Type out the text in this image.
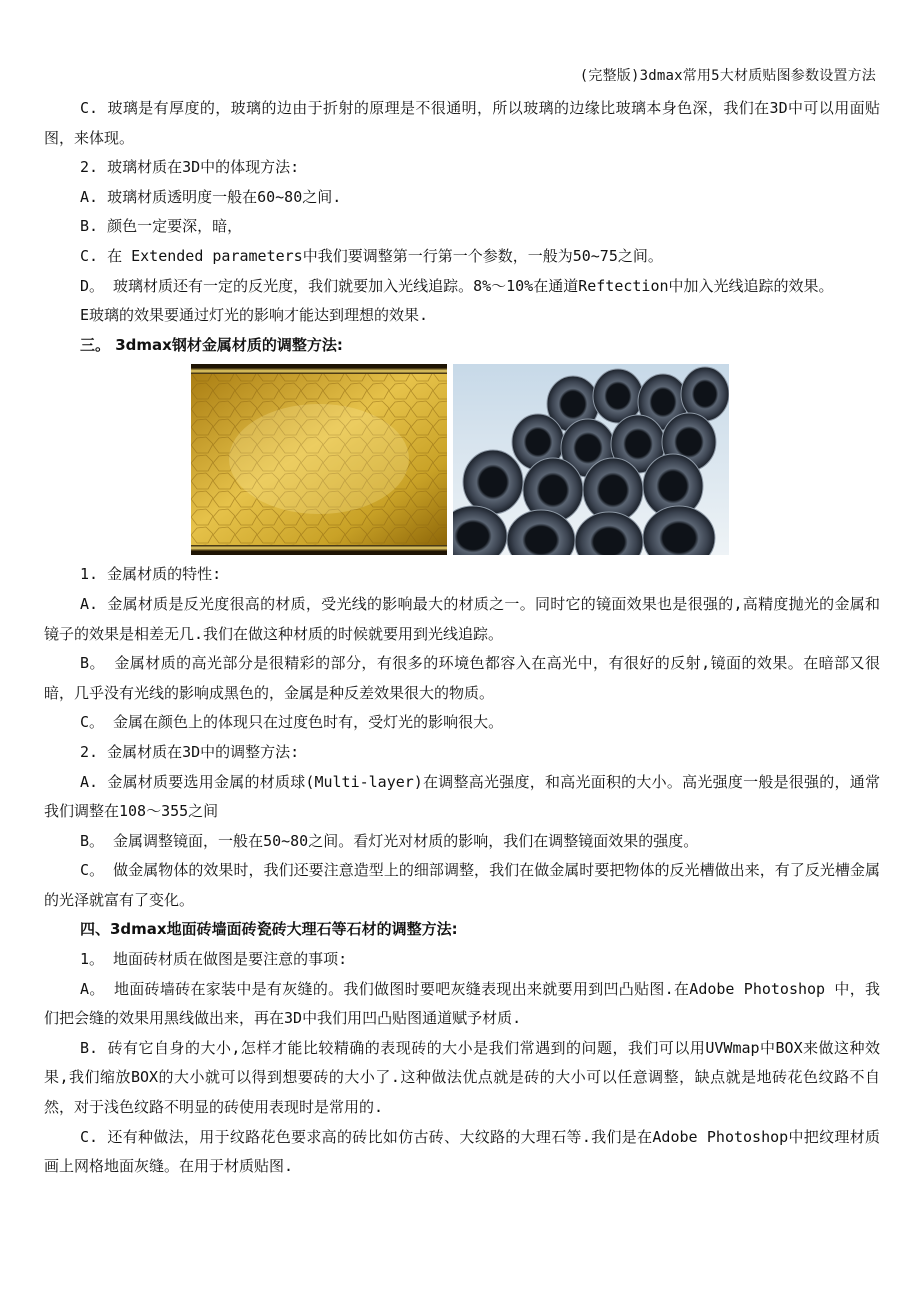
(完整版)3dmax常用5大材质贴图参数设置方法

C. 玻璃是有厚度的，玻璃的边由于折射的原理是不很通明，所以玻璃的边缘比玻璃本身色深，我们在3D中可以用面贴图，来体现。

2. 玻璃材质在3D中的体现方法:

A. 玻璃材质透明度一般在60~80之间.

B. 颜色一定要深，暗，

C. 在 Extended parameters中我们要调整第一行第一个参数，一般为50~75之间。

D。 玻璃材质还有一定的反光度，我们就要加入光线追踪。8%～10%在通道Reftection中加入光线追踪的效果。

E玻璃的效果要通过灯光的影响才能达到理想的效果.

三。 3dmax钢材金属材质的调整方法:

1. 金属材质的特性:

A. 金属材质是反光度很高的材质，受光线的影响最大的材质之一。同时它的镜面效果也是很强的,高精度抛光的金属和镜子的效果是相差无几.我们在做这种材质的时候就要用到光线追踪。

B。 金属材质的高光部分是很精彩的部分，有很多的环境色都容入在高光中，有很好的反射,镜面的效果。在暗部又很暗，几乎没有光线的影响成黑色的，金属是种反差效果很大的物质。

C。 金属在颜色上的体现只在过度色时有，受灯光的影响很大。

2. 金属材质在3D中的调整方法:

A. 金属材质要选用金属的材质球(Multi-layer)在调整高光强度，和高光面积的大小。高光强度一般是很强的，通常我们调整在108～355之间

B。 金属调整镜面，一般在50~80之间。看灯光对材质的影响，我们在调整镜面效果的强度。

C。 做金属物体的效果时，我们还要注意造型上的细部调整，我们在做金属时要把物体的反光槽做出来，有了反光槽金属的光泽就富有了变化。

四、3dmax地面砖墙面砖瓷砖大理石等石材的调整方法:

1。 地面砖材质在做图是要注意的事项:

A。 地面砖墙砖在家装中是有灰缝的。我们做图时要吧灰缝表现出来就要用到凹凸贴图.在Adobe Photoshop 中，我们把会缝的效果用黑线做出来，再在3D中我们用凹凸贴图通道赋予材质.

B. 砖有它自身的大小,怎样才能比较精确的表现砖的大小是我们常遇到的问题，我们可以用UVWmap中BOX来做这种效果,我们缩放BOX的大小就可以得到想要砖的大小了.这种做法优点就是砖的大小可以任意调整，缺点就是地砖花色纹路不自然，对于浅色纹路不明显的砖使用表现时是常用的.

C. 还有种做法，用于纹路花色要求高的砖比如仿古砖、大纹路的大理石等.我们是在Adobe Photoshop中把纹理材质画上网格地面灰缝。在用于材质贴图.
